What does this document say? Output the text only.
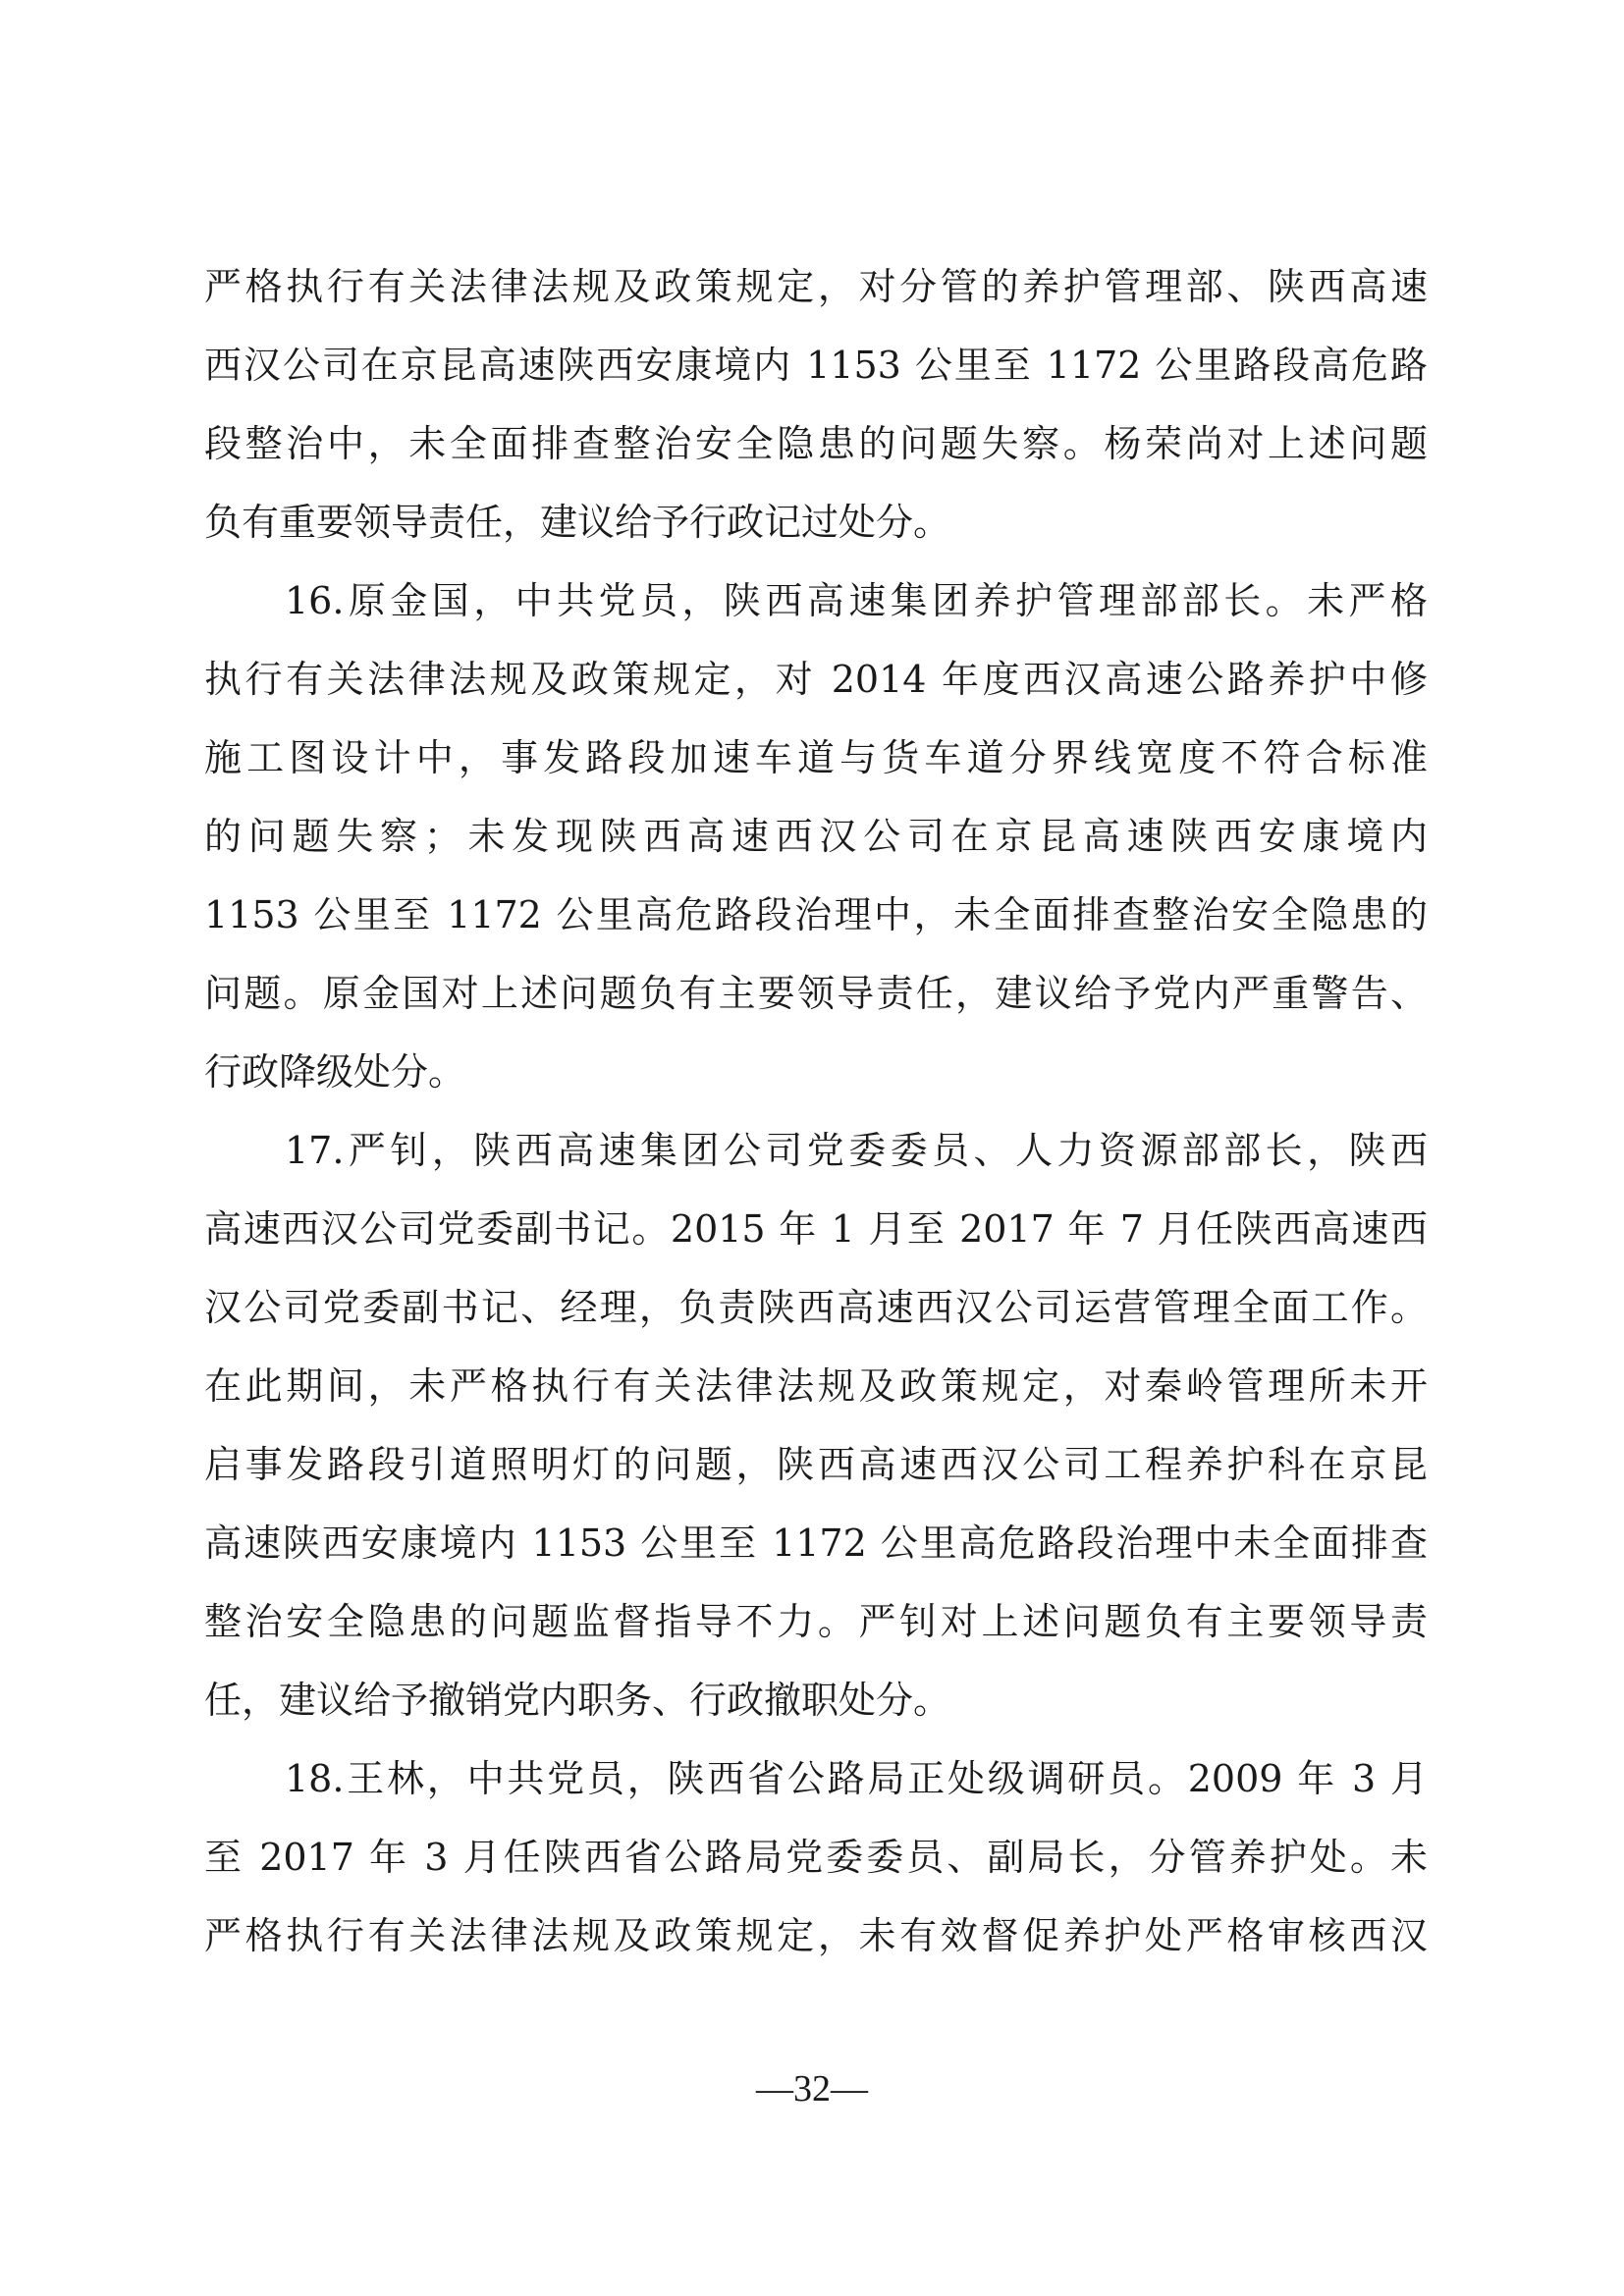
严格执行有关法律法规及政策规定，对分管的养护管理部、陕西高速
西汉公司在京昆高速陕西安康境内 1153 公里至 1172 公里路段高危路
段整治中，未全面排查整治安全隐患的问题失察。杨荣尚对上述问题
负有重要领导责任，建议给予行政记过处分。
16.原金国，中共党员，陕西高速集团养护管理部部长。未严格
执行有关法律法规及政策规定，对 2014 年度西汉高速公路养护中修
施工图设计中，事发路段加速车道与货车道分界线宽度不符合标准
的问题失察；未发现陕西高速西汉公司在京昆高速陕西安康境内
1153 公里至 1172 公里高危路段治理中，未全面排查整治安全隐患的
问题。原金国对上述问题负有主要领导责任，建议给予党内严重警告、
行政降级处分。
17.严钊，陕西高速集团公司党委委员、人力资源部部长，陕西
高速西汉公司党委副书记。2015 年 1 月至 2017 年 7 月任陕西高速西
汉公司党委副书记、经理，负责陕西高速西汉公司运营管理全面工作。
在此期间，未严格执行有关法律法规及政策规定，对秦岭管理所未开
启事发路段引道照明灯的问题，陕西高速西汉公司工程养护科在京昆
高速陕西安康境内 1153 公里至 1172 公里高危路段治理中未全面排查
整治安全隐患的问题监督指导不力。严钊对上述问题负有主要领导责
任，建议给予撤销党内职务、行政撤职处分。
18.王林，中共党员，陕西省公路局正处级调研员。2009 年 3 月
至 2017 年 3 月任陕西省公路局党委委员、副局长，分管养护处。未
严格执行有关法律法规及政策规定，未有效督促养护处严格审核西汉
—32—
